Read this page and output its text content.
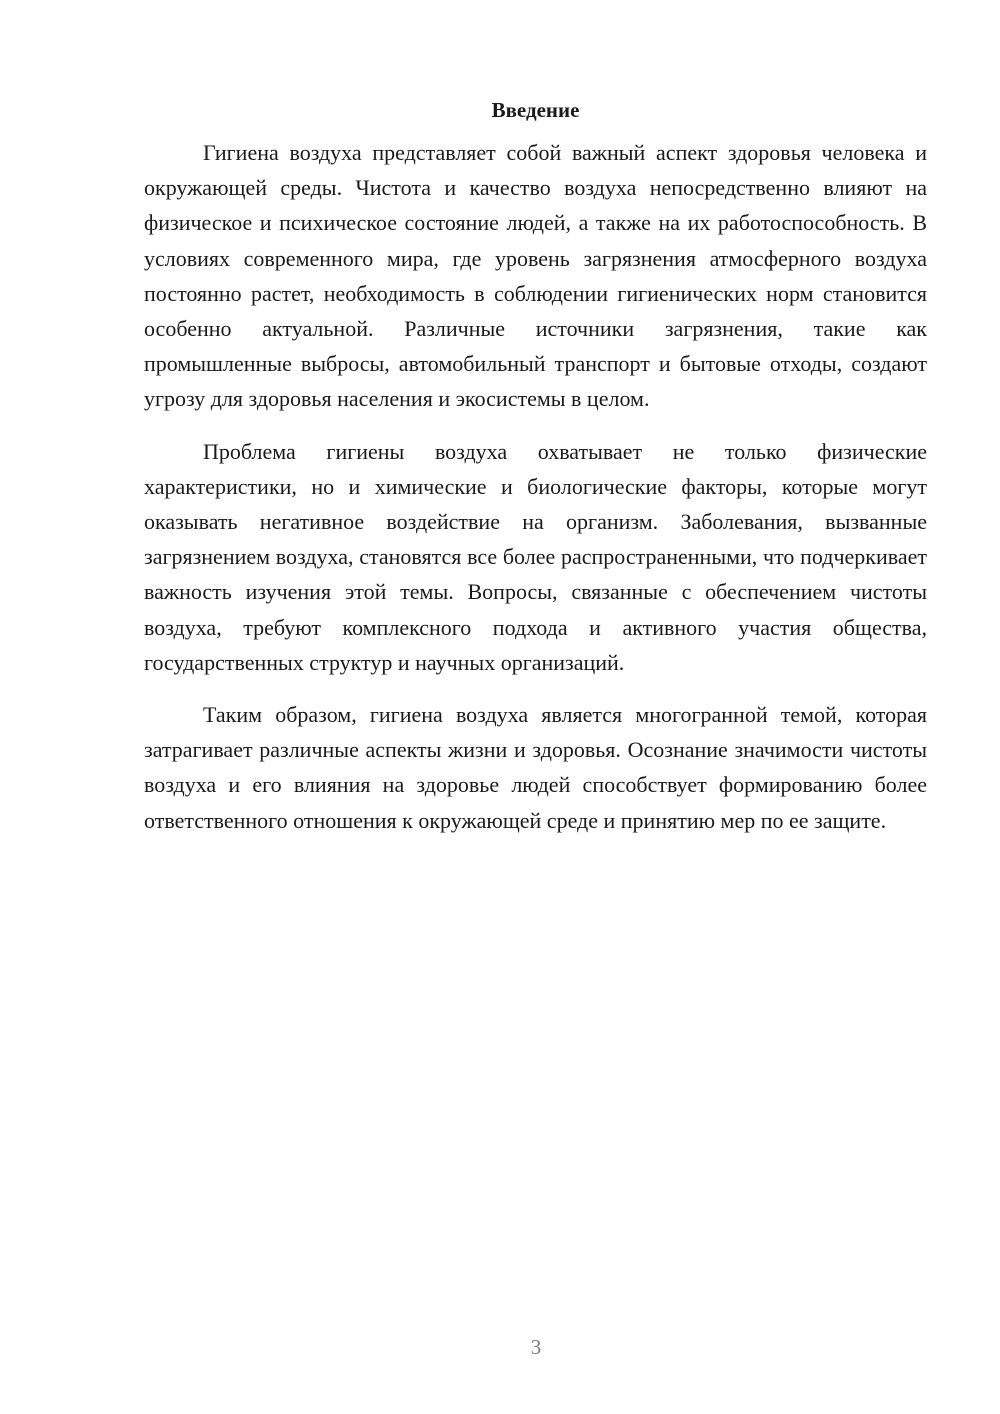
Введение

Гигиена воздуха представляет собой важный аспект здоровья человека и окружающей среды. Чистота и качество воздуха непосредственно влияют на физическое и психическое состояние людей, а также на их работоспособность. В условиях современного мира, где уровень загрязнения атмосферного воздуха постоянно растет, необходимость в соблюдении гигиенических норм становится особенно актуальной. Различные источники загрязнения, такие как промышленные выбросы, автомобильный транспорт и бытовые отходы, создают угрозу для здоровья населения и экосистемы в целом.

Проблема гигиены воздуха охватывает не только физические характеристики, но и химические и биологические факторы, которые могут оказывать негативное воздействие на организм. Заболевания, вызванные загрязнением воздуха, становятся все более распространенными, что подчеркивает важность изучения этой темы. Вопросы, связанные с обеспечением чистоты воздуха, требуют комплексного подхода и активного участия общества, государственных структур и научных организаций.

Таким образом, гигиена воздуха является многогранной темой, которая затрагивает различные аспекты жизни и здоровья. Осознание значимости чистоты воздуха и его влияния на здоровье людей способствует формированию более ответственного отношения к окружающей среде и принятию мер по ее защите.

3
